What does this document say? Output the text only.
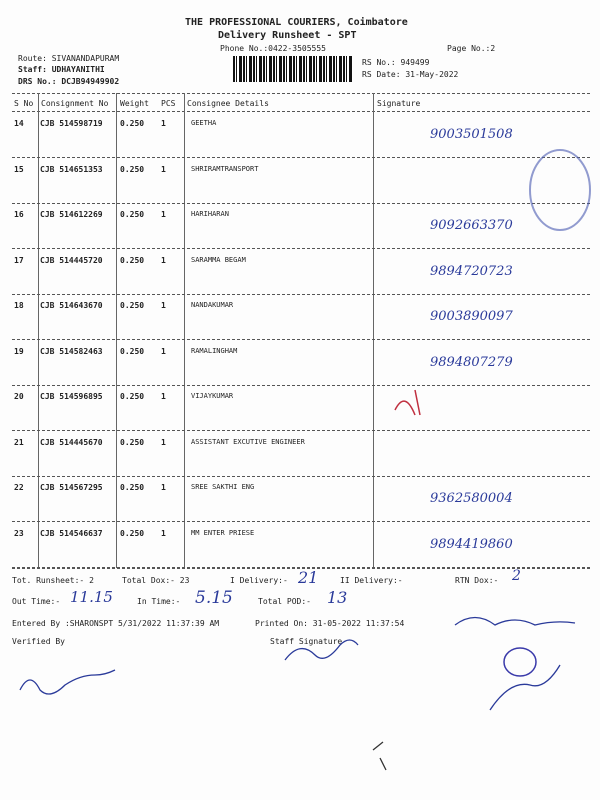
THE PROFESSIONAL COURIERS, Coimbatore
Delivery Runsheet - SPT
Phone No.:0422-3505555	Page No.:2
Route: SIVANANDAPURAM
Staff: UDHAYANITHI
DRS No.: DCJB94949902
RS No.: 949499
RS Date: 31-May-2022
S No Consignment No Weight PCS Consignee Details	Signature
14 CJB 514598719 0.250 1	GEETHA
9003501508
15 CJB 514651353 0.250 1	SHRIRAMTRANSPORT
16 CJB 514612269 0.250 1	HARIHARAN
9092663370
17 CJB 514445720 0.250 1	SARAMMA BEGAM
9894720723
18 CJB 514643670 0.250 1	NANDAKUMAR
9003890097
19 CJB 514582463 0.250 1	RAMALINGHAM
9894807279
20 CJB 514596895 0.250 1	VIJAYKUMAR
21 CJB 514445670 0.250 1	ASSISTANT EXCUTIVE ENGINEER
22 CJB 514567295 0.250 1	SREE SAKTHI ENG
9362580004
23 CJB 514546637 0.250 1	MM ENTER PRIESE
9894419860
Tot. Runsheet:- 2	Total Dox:- 23	I Delivery:- 21	II Delivery:-	RTN Dox:- 2
Out Time:- 11.15	In Time:- 5.15	Total POD:- 13
Entered By :SHARONSPT 5/31/2022 11:37:39 AM	Printed On: 31-05-2022 11:37:54
Verified By	Staff Signature
